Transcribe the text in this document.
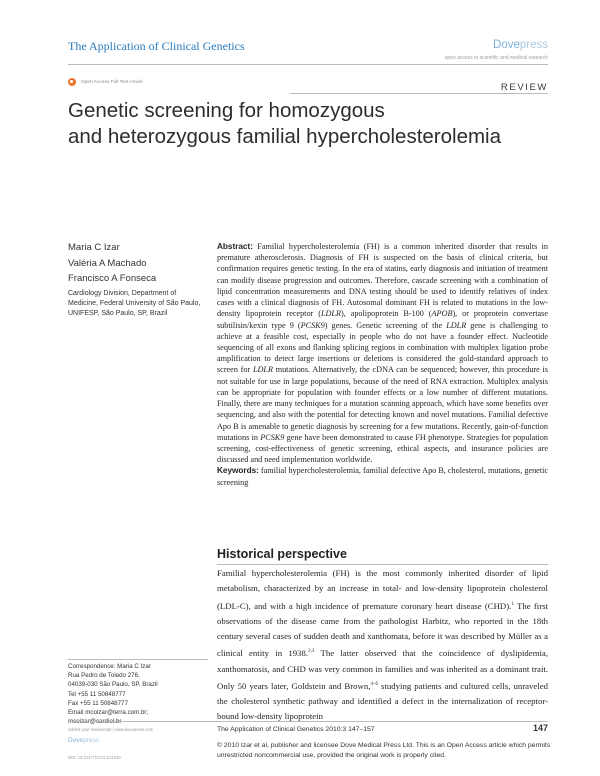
The Application of Clinical Genetics	Dovepress
open access to scientific and medical research
Open Access Full Text Article	REVIEW
Genetic screening for homozygous
and heterozygous familial hypercholesterolemia
Maria C Izar
Valéria A Machado
Francisco A Fonseca
Cardiology Division, Department of Medicine, Federal University of São Paulo, UNIFESP, São Paulo, SP, Brazil
Abstract: Familial hypercholesterolemia (FH) is a common inherited disorder that results in premature atherosclerosis. Diagnosis of FH is suspected on the basis of clinical criteria, but confirmation requires genetic testing. In the era of statins, early diagnosis and initiation of treatment can modify disease progression and outcomes. Therefore, cascade screening with a combination of lipid concentration measurements and DNA testing should be used to identify relatives of index cases with a clinical diagnosis of FH. Autosomal dominant FH is related to mutations in the low-density lipoprotein receptor (LDLR), apolipoprotein B-100 (APOB), or proprotein convertase subtilisin/kexin type 9 (PCSK9) genes. Genetic screening of the LDLR gene is challenging to achieve at a feasible cost, especially in people who do not have a founder effect. Nucleotide sequencing of all exons and flanking splicing regions in combination with multiplex ligation probe amplification to detect large insertions or deletions is considered the gold-standard approach to screen for LDLR mutations. Alternatively, the cDNA can be sequenced; however, this procedure is not suitable for use in large populations, because of the need of RNA extraction. Multiplex analysis can be appropriate for population with founder effects or a low number of different mutations. Finally, there are many techniques for a mutation scanning approach, which have some benefits over sequencing, and also with the potential for detecting known and novel mutations. Familial defective Apo B is amenable to genetic diagnosis by screening for a few mutations. Recently, gain-of-function mutations in PCSK9 gene have been demonstrated to cause FH phenotype. Strategies for population screening, cost-effectiveness of genetic screening, ethical aspects, and insurance policies are discussed and need implementation worldwide.
Keywords: familial hypercholesterolemia, familial defective Apo B, cholesterol, mutations, genetic screening
Historical perspective
Familial hypercholesterolemia (FH) is the most commonly inherited disorder of lipid metabolism, characterized by an increase in total- and low-density lipoprotein cholesterol (LDL-C), and with a high incidence of premature coronary heart disease (CHD).$^1$ The first observations of the disease came from the pathologist Harbitz, who reported in the 18th century several cases of sudden death and xanthomata, before it was described by Müller as a clinical entity in 1938.$^{2,3}$ The latter observed that the coincidence of dyslipidemia, xanthomatosis, and CHD was very common in families and was inherited as a dominant trait. Only 50 years later, Goldstein and Brown,$^{4-6}$ studying patients and cultured cells, unraveled the cholesterol synthetic pathway and identified a defect in the internalization of receptor-bound low-density lipoprotein
Correspondence: Maria C Izar
Rua Pedro de Toledo 276,
04039-030 São Paulo, SP, Brazil
Tel +55 11 50848777
Fax +55 11 50848777
Email mcoizar@terra.com.br;
mcoizar@cardiol.br
submit your manuscript | www.dovepress.com
Dovepress
DOI: 10.2147/TACG.S11540
The Application of Clinical Genetics 2010:3 147–157	147
© 2010 Izar et al, publisher and licensee Dove Medical Press Ltd. This is an Open Access article which permits unrestricted noncommercial use, provided the original work is properly cited.
